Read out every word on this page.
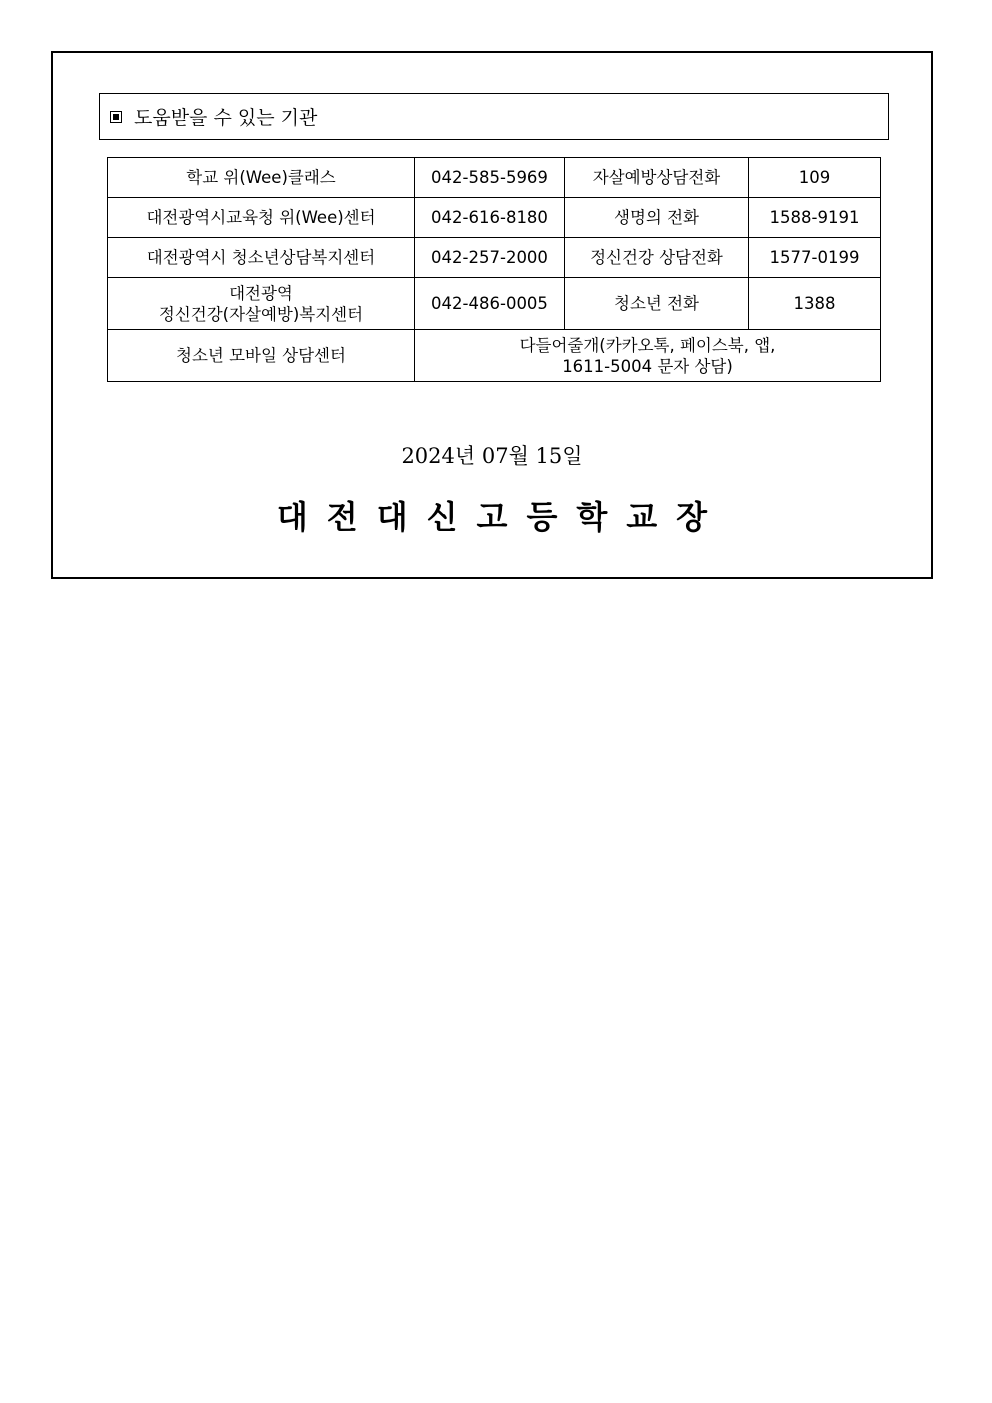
도움받을 수 있는 기관
학교 위(Wee)클래스	042-585-5969	자살예방상담전화	109
대전광역시교육청 위(Wee)센터	042-616-8180	생명의 전화	1588-9191
대전광역시 청소년상담복지센터	042-257-2000	정신건강 상담전화	1577-0199

대전광역
정신건강(자살예방)복지센터	042-486-0005	청소년 전화	1388
청소년 모바일 상담센터	다들어줄개(카카오톡, 페이스북, 앱,
1611-5004 문자 상담)		
2024년 07월 15일
대전대신고등학교장
